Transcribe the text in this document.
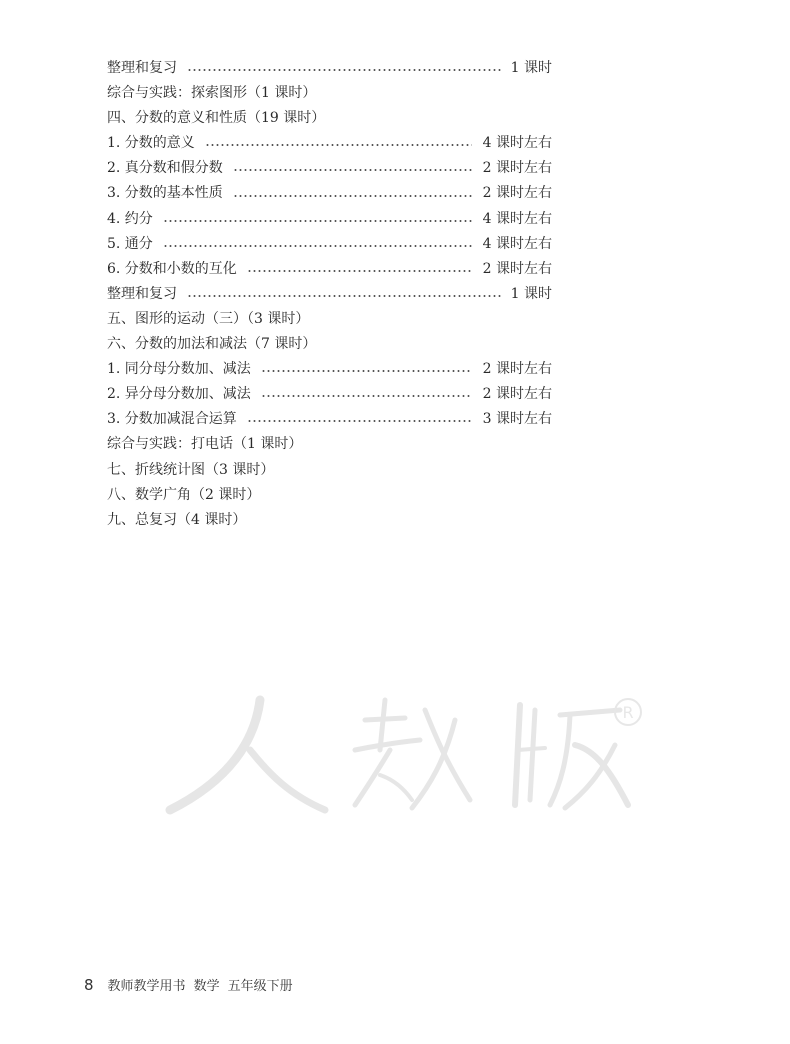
整理和复习	1 课时
综合与实践：探索图形（1 课时）
四、分数的意义和性质（19 课时）
1. 分数的意义	4 课时左右
2. 真分数和假分数	2 课时左右
3. 分数的基本性质	2 课时左右
4. 约分	4 课时左右
5. 通分	4 课时左右
6. 分数和小数的互化	2 课时左右
整理和复习	1 课时
五、图形的运动（三）（3 课时）
六、分数的加法和减法（7 课时）
1. 同分母分数加、减法	2 课时左右
2. 异分母分数加、减法	2 课时左右
3. 分数加减混合运算	3 课时左右
综合与实践：打电话（1 课时）
七、折线统计图（3 课时）
八、数学广角（2 课时）
九、总复习（4 课时）
R
8 教师教学用书 数学 五年级下册
